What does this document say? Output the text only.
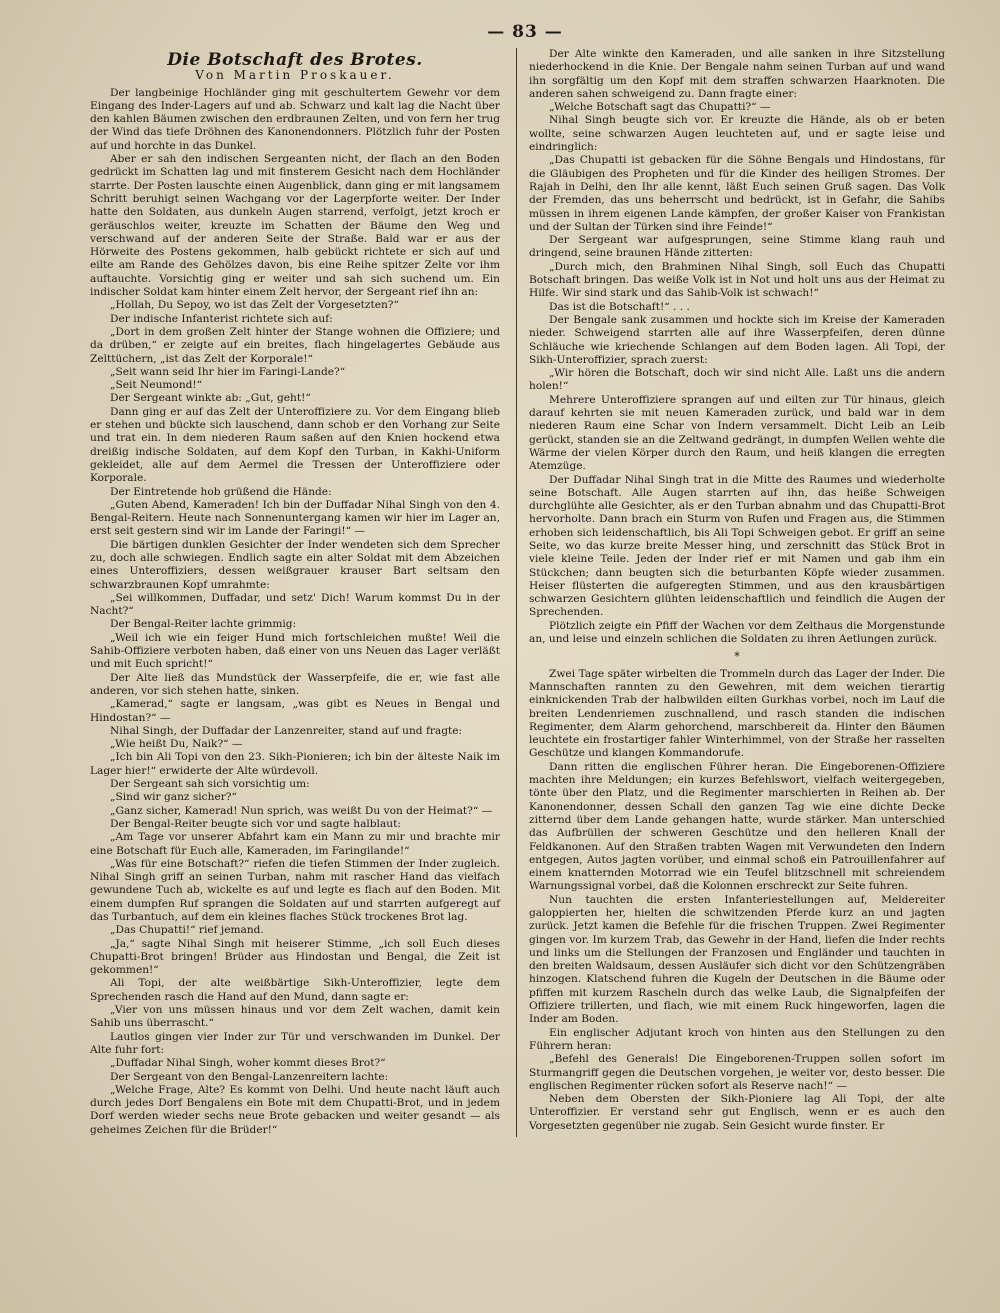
— 83 —
Die Botschaft des Brotes.
Von Martin Proskauer.

Der langbeinige Hochländer ging mit geschultertem Gewehr vor dem Eingang des Inder-Lagers auf und ab. Schwarz und kalt lag die Nacht über den kahlen Bäumen zwischen den erdbraunen Zelten, und von fern her trug der Wind das tiefe Dröhnen des Kanonendonners. Plötzlich fuhr der Posten auf und horchte in das Dunkel.

Aber er sah den indischen Sergeanten nicht, der flach an den Boden gedrückt im Schatten lag und mit finsterem Gesicht nach dem Hochländer starrte. Der Posten lauschte einen Augenblick, dann ging er mit langsamem Schritt beruhigt seinen Wachgang vor der Lagerpforte weiter. Der Inder hatte den Soldaten, aus dunkeln Augen starrend, verfolgt, jetzt kroch er geräuschlos weiter, kreuzte im Schatten der Bäume den Weg und verschwand auf der anderen Seite der Straße. Bald war er aus der Hörweite des Postens gekommen, halb gebückt richtete er sich auf und eilte am Rande des Gehölzes davon, bis eine Reihe spitzer Zelte vor ihm auftauchte. Vorsichtig ging er weiter und sah sich suchend um. Ein indischer Soldat kam hinter einem Zelt hervor, der Sergeant rief ihn an:

„Hollah, Du Sepoy, wo ist das Zelt der Vorgesetzten?“

Der indische Infanterist richtete sich auf:

„Dort in dem großen Zelt hinter der Stange wohnen die Offiziere; und da drüben,“ er zeigte auf ein breites, flach hingelagertes Gebäude aus Zelttüchern, „ist das Zelt der Korporale!“

„Seit wann seid Ihr hier im Faringi-Lande?“

„Seit Neumond!“

Der Sergeant winkte ab: „Gut, geht!“

Dann ging er auf das Zelt der Unteroffiziere zu. Vor dem Eingang blieb er stehen und bückte sich lauschend, dann schob er den Vorhang zur Seite und trat ein. In dem niederen Raum saßen auf den Knien hockend etwa dreißig indische Soldaten, auf dem Kopf den Turban, in Kakhi-Uniform gekleidet, alle auf dem Aermel die Tressen der Unteroffiziere oder Korporale.

Der Eintretende hob grüßend die Hände:

„Guten Abend, Kameraden! Ich bin der Duffadar Nihal Singh von den 4. Bengal-Reitern. Heute nach Sonnenuntergang kamen wir hier im Lager an, erst seit gestern sind wir im Lande der Faringi!“ —

Die bärtigen dunklen Gesichter der Inder wendeten sich dem Sprecher zu, doch alle schwiegen. Endlich sagte ein alter Soldat mit dem Abzeichen eines Unteroffiziers, dessen weißgrauer krauser Bart seltsam den schwarzbraunen Kopf umrahmte:

„Sei willkommen, Duffadar, und setz' Dich! Warum kommst Du in der Nacht?“

Der Bengal-Reiter lachte grimmig:

„Weil ich wie ein feiger Hund mich fortschleichen mußte! Weil die Sahib-Offiziere verboten haben, daß einer von uns Neuen das Lager verläßt und mit Euch spricht!“

Der Alte ließ das Mundstück der Wasserpfeife, die er, wie fast alle anderen, vor sich stehen hatte, sinken.

„Kamerad,“ sagte er langsam, „was gibt es Neues in Bengal und Hindostan?“ —

Nihal Singh, der Duffadar der Lanzenreiter, stand auf und fragte:

„Wie heißt Du, Naik?“ —

„Ich bin Ali Topi von den 23. Sikh-Pionieren; ich bin der älteste Naik im Lager hier!“ erwiderte der Alte würdevoll.

Der Sergeant sah sich vorsichtig um:

„Sind wir ganz sicher?“

„Ganz sicher, Kamerad! Nun sprich, was weißt Du von der Heimat?“ —

Der Bengal-Reiter beugte sich vor und sagte halblaut:

„Am Tage vor unserer Abfahrt kam ein Mann zu mir und brachte mir eine Botschaft für Euch alle, Kameraden, im Faringilande!“

„Was für eine Botschaft?“ riefen die tiefen Stimmen der Inder zugleich. Nihal Singh griff an seinen Turban, nahm mit rascher Hand das vielfach gewundene Tuch ab, wickelte es auf und legte es flach auf den Boden. Mit einem dumpfen Ruf sprangen die Soldaten auf und starrten aufgeregt auf das Turbantuch, auf dem ein kleines flaches Stück trockenes Brot lag.

„Das Chupatti!“ rief jemand.

„Ja,“ sagte Nihal Singh mit heiserer Stimme, „ich soll Euch dieses Chupatti-Brot bringen! Brüder aus Hindostan und Bengal, die Zeit ist gekommen!“

Ali Topi, der alte weißbärtige Sikh-Unteroffizier, legte dem Sprechenden rasch die Hand auf den Mund, dann sagte er:

„Vier von uns müssen hinaus und vor dem Zelt wachen, damit kein Sahib uns überrascht.“

Lautlos gingen vier Inder zur Tür und verschwanden im Dunkel. Der Alte fuhr fort:

„Duffadar Nihal Singh, woher kommt dieses Brot?“

Der Sergeant von den Bengal-Lanzenreitern lachte:

„Welche Frage, Alte? Es kommt von Delhi. Und heute nacht läuft auch durch jedes Dorf Bengalens ein Bote mit dem Chupatti-Brot, und in jedem Dorf werden wieder sechs neue Brote gebacken und weiter gesandt — als geheimes Zeichen für die Brüder!“

Der Alte winkte den Kameraden, und alle sanken in ihre Sitzstellung niederhockend in die Knie. Der Bengale nahm seinen Turban auf und wand ihn sorgfältig um den Kopf mit dem straffen schwarzen Haarknoten. Die anderen sahen schweigend zu. Dann fragte einer:

„Welche Botschaft sagt das Chupatti?“ —

Nihal Singh beugte sich vor. Er kreuzte die Hände, als ob er beten wollte, seine schwarzen Augen leuchteten auf, und er sagte leise und eindringlich:

„Das Chupatti ist gebacken für die Söhne Bengals und Hindostans, für die Gläubigen des Propheten und für die Kinder des heiligen Stromes. Der Rajah in Delhi, den Ihr alle kennt, läßt Euch seinen Gruß sagen. Das Volk der Fremden, das uns beherrscht und bedrückt, ist in Gefahr, die Sahibs müssen in ihrem eigenen Lande kämpfen, der großer Kaiser von Frankistan und der Sultan der Türken sind ihre Feinde!“

Der Sergeant war aufgesprungen, seine Stimme klang rauh und dringend, seine braunen Hände zitterten:

„Durch mich, den Brahminen Nihal Singh, soll Euch das Chupatti Botschaft bringen. Das weiße Volk ist in Not und holt uns aus der Heimat zu Hilfe. Wir sind stark und das Sahib-Volk ist schwach!“

Das ist die Botschaft!“ . . .

Der Bengale sank zusammen und hockte sich im Kreise der Kameraden nieder. Schweigend starrten alle auf ihre Wasserpfeifen, deren dünne Schläuche wie kriechende Schlangen auf dem Boden lagen. Ali Topi, der Sikh-Unteroffizier, sprach zuerst:

„Wir hören die Botschaft, doch wir sind nicht Alle. Laßt uns die andern holen!“

Mehrere Unteroffiziere sprangen auf und eilten zur Tür hinaus, gleich darauf kehrten sie mit neuen Kameraden zurück, und bald war in dem niederen Raum eine Schar von Indern versammelt. Dicht Leib an Leib gerückt, standen sie an die Zeltwand gedrängt, in dumpfen Wellen wehte die Wärme der vielen Körper durch den Raum, und heiß klangen die erregten Atemzüge.

Der Duffadar Nihal Singh trat in die Mitte des Raumes und wiederholte seine Botschaft. Alle Augen starrten auf ihn, das heiße Schweigen durchglühte alle Gesichter, als er den Turban abnahm und das Chupatti-Brot hervorholte. Dann brach ein Sturm von Rufen und Fragen aus, die Stimmen erhoben sich leidenschaftlich, bis Ali Topi Schweigen gebot. Er griff an seine Seite, wo das kurze breite Messer hing, und zerschnitt das Stück Brot in viele kleine Teile. Jeden der Inder rief er mit Namen und gab ihm ein Stückchen; dann beugten sich die beturbanten Köpfe wieder zusammen. Heiser flüsterten die aufgeregten Stimmen, und aus den krausbärtigen schwarzen Gesichtern glühten leidenschaftlich und feindlich die Augen der Sprechenden.

Plötzlich zeigte ein Pfiff der Wachen vor dem Zelthaus die Morgenstunde an, und leise und einzeln schlichen die Soldaten zu ihren Aetlungen zurück.

*

Zwei Tage später wirbelten die Trommeln durch das Lager der Inder. Die Mannschaften rannten zu den Gewehren, mit dem weichen tierartig einknickenden Trab der halbwilden eilten Gurkhas vorbei, noch im Lauf die breiten Lendenriemen zuschnallend, und rasch standen die indischen Regimenter, dem Alarm gehorchend, marschbereit da. Hinter den Bäumen leuchtete ein frostartiger fahler Winterhimmel, von der Straße her rasselten Geschütze und klangen Kommandorufe.

Dann ritten die englischen Führer heran. Die Eingeborenen-Offiziere machten ihre Meldungen; ein kurzes Befehlswort, vielfach weitergegeben, tönte über den Platz, und die Regimenter marschierten in Reihen ab. Der Kanonendonner, dessen Schall den ganzen Tag wie eine dichte Decke zitternd über dem Lande gehangen hatte, wurde stärker. Man unterschied das Aufbrüllen der schweren Geschütze und den helleren Knall der Feldkanonen. Auf den Straßen trabten Wagen mit Verwundeten den Indern entgegen, Autos jagten vorüber, und einmal schoß ein Patrouillenfahrer auf einem knatternden Motorrad wie ein Teufel blitzschnell mit schreiendem Warnungssignal vorbei, daß die Kolonnen erschreckt zur Seite fuhren.

Nun tauchten die ersten Infanteriestellungen auf, Meldereiter galoppierten her, hielten die schwitzenden Pferde kurz an und jagten zurück. Jetzt kamen die Befehle für die frischen Truppen. Zwei Regimenter gingen vor. Im kurzem Trab, das Gewehr in der Hand, liefen die Inder rechts und links um die Stellungen der Franzosen und Engländer und tauchten in den breiten Waldsaum, dessen Ausläufer sich dicht vor den Schützengräben hinzogen. Klatschend fuhren die Kugeln der Deutschen in die Bäume oder pfiffen mit kurzem Rascheln durch das welke Laub, die Signalpfeifen der Offiziere trillerten, und flach, wie mit einem Ruck hingeworfen, lagen die Inder am Boden.

Ein englischer Adjutant kroch von hinten aus den Stellungen zu den Führern heran:

„Befehl des Generals! Die Eingeborenen-Truppen sollen sofort im Sturmangriff gegen die Deutschen vorgehen, je weiter vor, desto besser. Die englischen Regimenter rücken sofort als Reserve nach!“ —

Neben dem Obersten der Sikh-Pioniere lag Ali Topi, der alte Unteroffizier. Er verstand sehr gut Englisch, wenn er es auch den Vorgesetzten gegenüber nie zugab. Sein Gesicht wurde finster. Er
